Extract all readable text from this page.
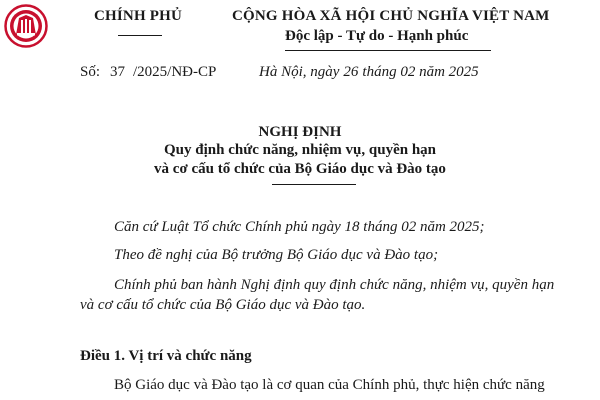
CHÍNH PHỦ	CỘNG HÒA XÃ HỘI CHỦ NGHĨA VIỆT NAM
Độc lập - Tự do - Hạnh phúc
Số: 37 /2025/NĐ-CP	Hà Nội, ngày 26 tháng 02 năm 2025
NGHỊ ĐỊNH
Quy định chức năng, nhiệm vụ, quyền hạn
và cơ cấu tổ chức của Bộ Giáo dục và Đào tạo
Căn cứ Luật Tổ chức Chính phủ ngày 18 tháng 02 năm 2025;
Theo đề nghị của Bộ trưởng Bộ Giáo dục và Đào tạo;
Chính phủ ban hành Nghị định quy định chức năng, nhiệm vụ, quyền hạn
và cơ cấu tổ chức của Bộ Giáo dục và Đào tạo.
Điều 1. Vị trí và chức năng
Bộ Giáo dục và Đào tạo là cơ quan của Chính phủ, thực hiện chức năng
